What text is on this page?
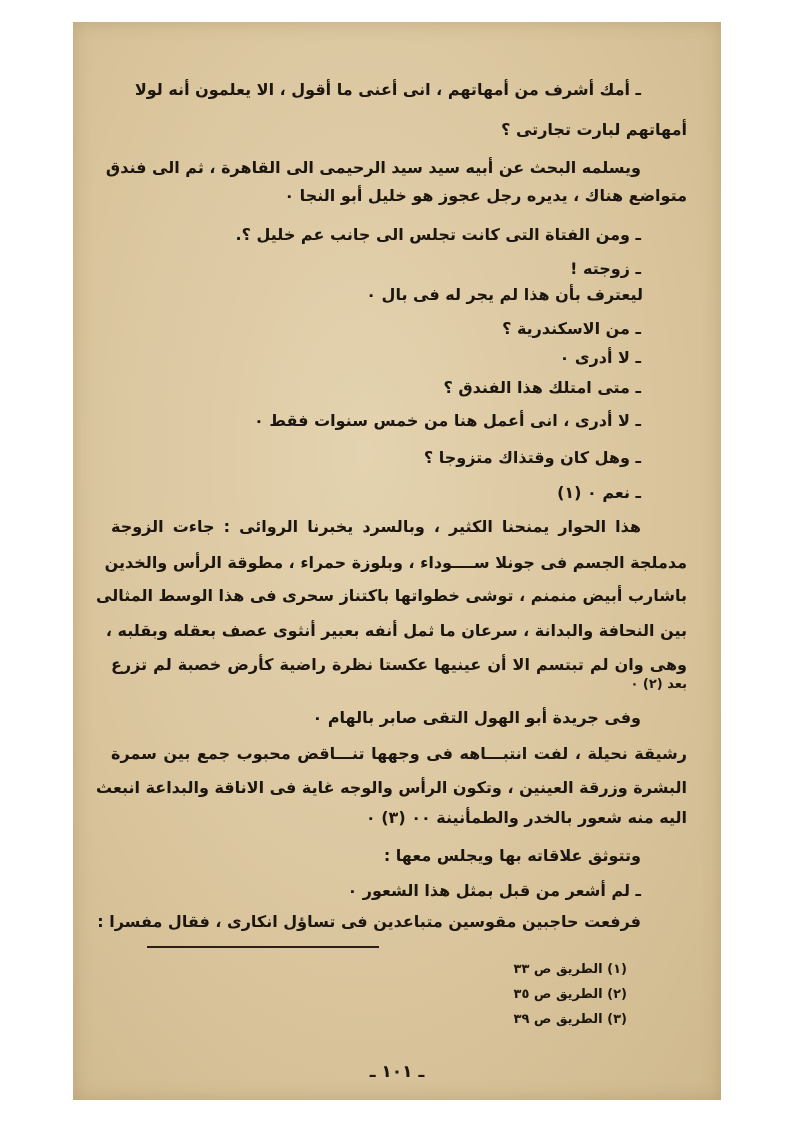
ـ أمك أشرف من أمهاتهم ، انى أعنى ما أقول ، الا يعلمون أنه لولا
أمهاتهم لبارت تجارتى ؟
ويسلمه البحث عن أبيه سيد سيد الرحيمى الى القاهرة ، ثم الى فندق
متواضع هناك ، يديره رجل عجوز هو خليل أبو النجا ٠
ـ ومن الفتاة التى كانت تجلس الى جانب عم خليل ؟.
ـ زوجته !
ليعترف بأن هذا لم يجر له فى بال ٠
ـ من الاسكندرية ؟
ـ لا أدرى ٠
ـ متى امتلك هذا الفندق ؟
ـ لا أدرى ، انى أعمل هنا من خمس سنوات فقط ٠
ـ وهل كان وقتذاك متزوجا ؟
ـ نعم ٠ (١)
هذا الحوار يمنحنا الكثير ، وبالسرد يخبرنا الروائى : جاءت الزوجة
مدملجة الجسم فى جونلا ســــوداء ، وبلوزة حمراء ، مطوقة الرأس والخدين
باشارب أبيض منمنم ، توشى خطواتها باكتناز سحرى فى هذا الوسط المثالى
بين النحافة والبدانة ، سرعان ما ثمل أنفه بعبير أنثوى عصف بعقله وبقلبه ،
وهى وان لم تبتسم الا أن عينيها عكستا نظرة راضية كأرض خصبة لم تزرع
بعد (٢) ٠
وفى جريدة أبو الهول التقى صابر بالهام ٠
رشيقة نحيلة ، لفت انتبـــاهه فى وجهها تنـــاقض محبوب جمع بين سمرة
البشرة وزرقة العينين ، وتكون الرأس والوجه غاية فى الاناقة والبداعة انبعث
اليه منه شعور بالخدر والطمأنينة ٠٠ (٣) ٠
وتتوثق علاقاته بها ويجلس معها :
ـ لم أشعر من قبل بمثل هذا الشعور ٠
فرفعت حاجبين مقوسين متباعدين فى تساؤل انكارى ، فقال مفسرا :
(١) الطريق ص ٣٣
(٢) الطريق ص ٣٥
(٣) الطريق ص ٣٩
ـ ١٠١ ـ
